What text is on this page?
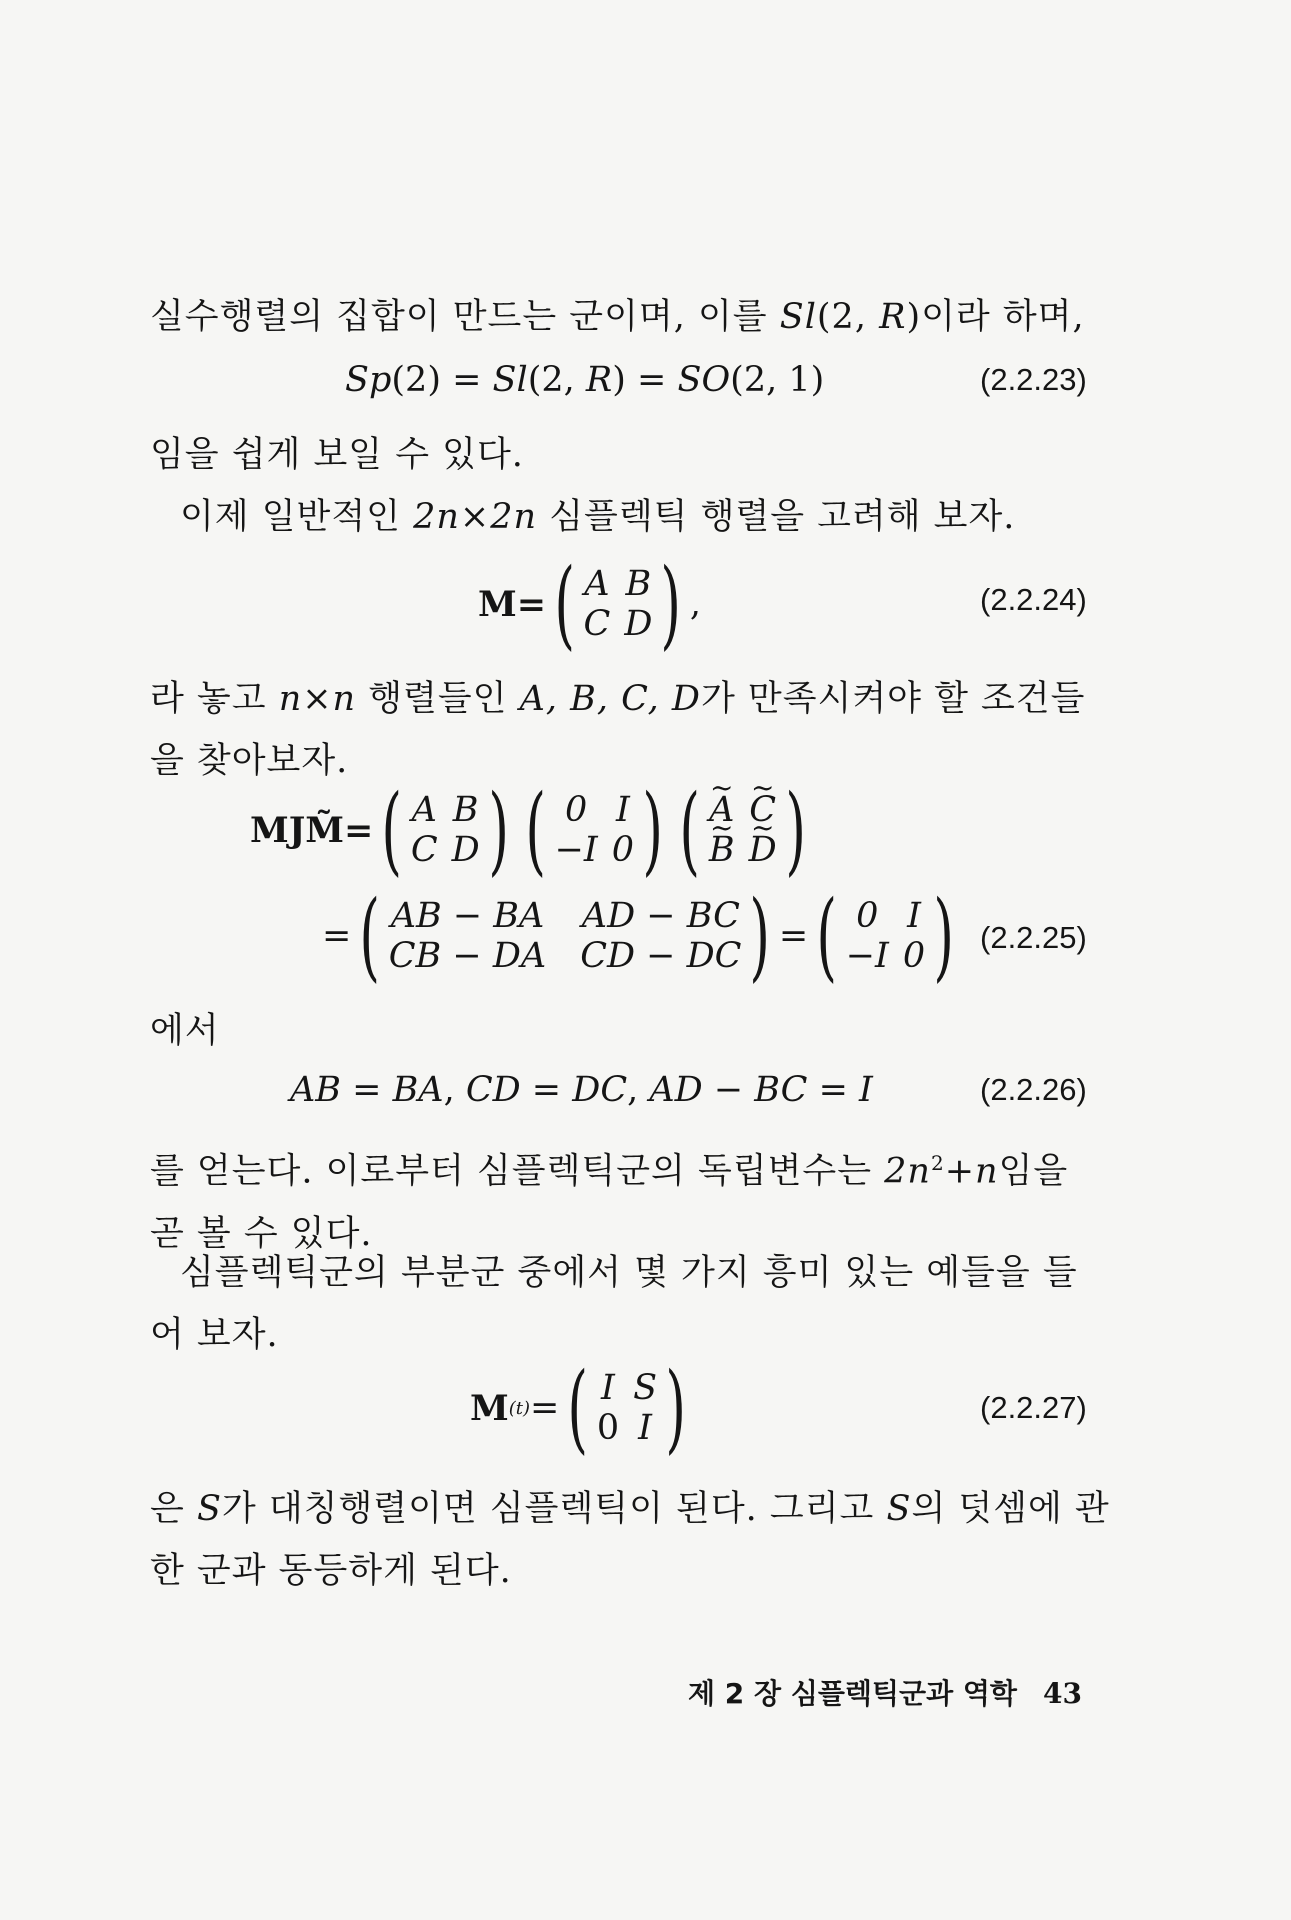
실수행렬의 집합이 만드는 군이며, 이를 Sl(2, R)이라 하며,
Sp(2) = Sl(2, R) = SO(2, 1)	(2.2.23)
임을 쉽게 보일 수 있다.
이제 일반적인 2n×2n 심플렉틱 행렬을 고려해 보자.
M= ( A B
C D ) ,	(2.2.24)
라 놓고 n×n 행렬들인 A, B, C, D가 만족시켜야 할 조건들을 찾아보자.
MJM̃= ( A B
C D ) ( 0 I
−I 0 ) ( ~ A ~ C
~ B ~ D )
= ( AB − BA AD − BC
CB − DA CD − DC ) = ( 0 I
−I 0 ) (2.2.25)
에서
AB = BA, CD = DC, AD − BC = I	(2.2.26)
를 얻는다. 이로부터 심플렉틱군의 독립변수는 $2n^2+n$임을 곧 볼 수 있다.
심플렉틱군의 부분군 중에서 몇 가지 흥미 있는 예들을 들어 보자.
M (t) = ( I S
0 I )	(2.2.27)
은 S가 대칭행렬이면 심플렉틱이 된다. 그리고 S의 덧셈에 관한 군과 동등하게 된다.
제 2 장 심플렉틱군과 역학 43
